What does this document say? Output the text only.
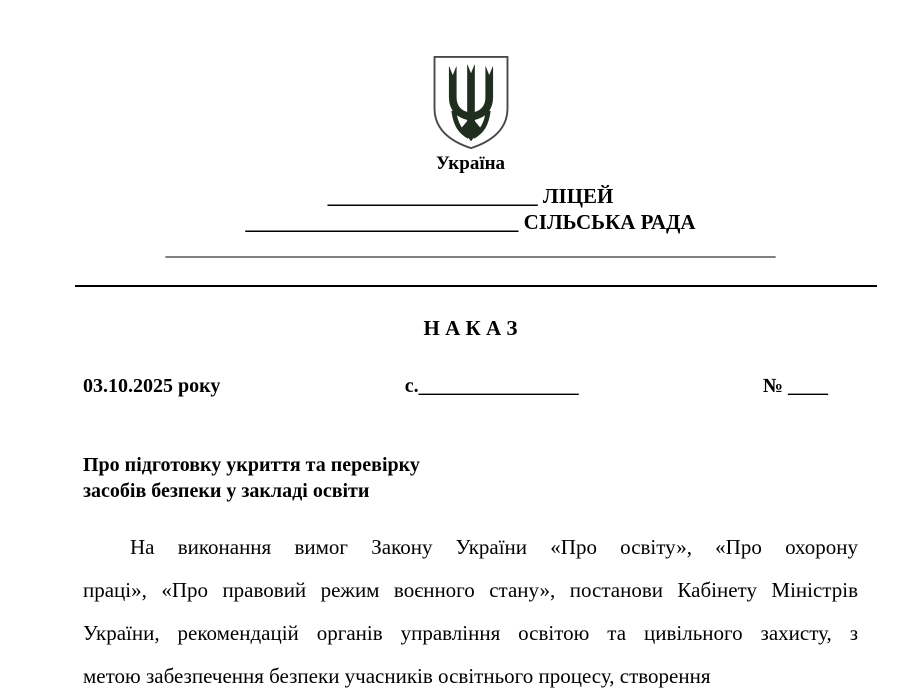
Україна
____________________ ЛІЦЕЙ
__________________________ СІЛЬСЬКА РАДА
_____________________________________________________________
Н А К А З
03.10.2025 року	с.________________	№ ____
Про підготовку укриття та перевірку
засобів безпеки у закладі освіти
На виконання вимог Закону України «Про освіту», «Про охорону
праці», «Про правовий режим воєнного стану», постанови Кабінету Міністрів
України, рекомендацій органів управління освітою та цивільного захисту, з
метою забезпечення безпеки учасників освітнього процесу, створення
